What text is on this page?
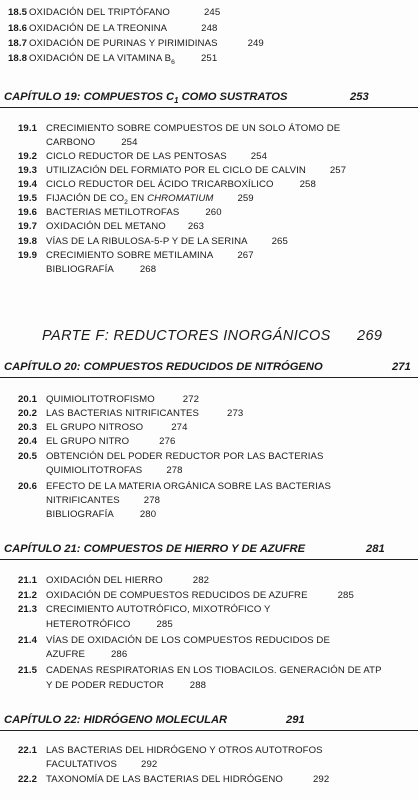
18.5 OXIDACIÓN DEL TRIPTÓFANO	245
18.6 OXIDACIÓN DE LA TREONINA	248
18.7 OXIDACIÓN DE PURINAS Y PIRIMIDINAS	249
18.8 OXIDACIÓN DE LA VITAMINA $B_6$	251
CAPÍTULO 19: COMPUESTOS $C_1$ COMO SUSTRATOS	253
19.1 CRECIMIENTO SOBRE COMPUESTOS DE UN SOLO ÁTOMO DE
CARBONO	254
19.2 CICLO REDUCTOR DE LAS PENTOSAS	254
19.3 UTILIZACIÓN DEL FORMIATO POR EL CICLO DE CALVIN	257
19.4 CICLO REDUCTOR DEL ÁCIDO TRICARBOXÍLICO	258
19.5 FIJACIÓN DE $CO_2$ EN CHROMATIUM	259
19.6 BACTERIAS METILOTROFAS	260
19.7 OXIDACIÓN DEL METANO 263
19.8 VÍAS DE LA RIBULOSA-5-P Y DE LA SERINA	265
19.9 CRECIMIENTO SOBRE METILAMINA	267
BIBLIOGRAFÍA	268
PARTE F: REDUCTORES INORGÁNICOS 269
CAPÍTULO 20: COMPUESTOS REDUCIDOS DE NITRÓGENO	271
20.1 QUIMIOLITOTROFISMO	272
20.2 LAS BACTERIAS NITRIFICANTES	273
20.3 EL GRUPO NITROSO	274
20.4 EL GRUPO NITRO	276
20.5 OBTENCIÓN DEL PODER REDUCTOR POR LAS BACTERIAS
QUIMIOLITOTROFAS	278
20.6 EFECTO DE LA MATERIA ORGÁNICA SOBRE LAS BACTERIAS
NITRIFICANTES	278
BIBLIOGRAFÍA	280
CAPÍTULO 21: COMPUESTOS DE HIERRO Y DE AZUFRE	281
21.1 OXIDACIÓN DEL HIERRO	282
21.2 OXIDACIÓN DE COMPUESTOS REDUCIDOS DE AZUFRE	285
21.3 CRECIMIENTO AUTOTRÓFICO, MIXOTRÓFICO Y
HETEROTRÓFICO	285
21.4 VÍAS DE OXIDACIÓN DE LOS COMPUESTOS REDUCIDOS DE
AZUFRE	286
21.5 CADENAS RESPIRATORIAS EN LOS TIOBACILOS. GENERACIÓN DE ATP
Y DE PODER REDUCTOR	288
CAPÍTULO 22: HIDRÓGENO MOLECULAR	291
22.1 LAS BACTERIAS DEL HIDRÓGENO Y OTROS AUTOTROFOS
FACULTATIVOS	292
22.2 TAXONOMÍA DE LAS BACTERIAS DEL HIDRÓGENO	292
